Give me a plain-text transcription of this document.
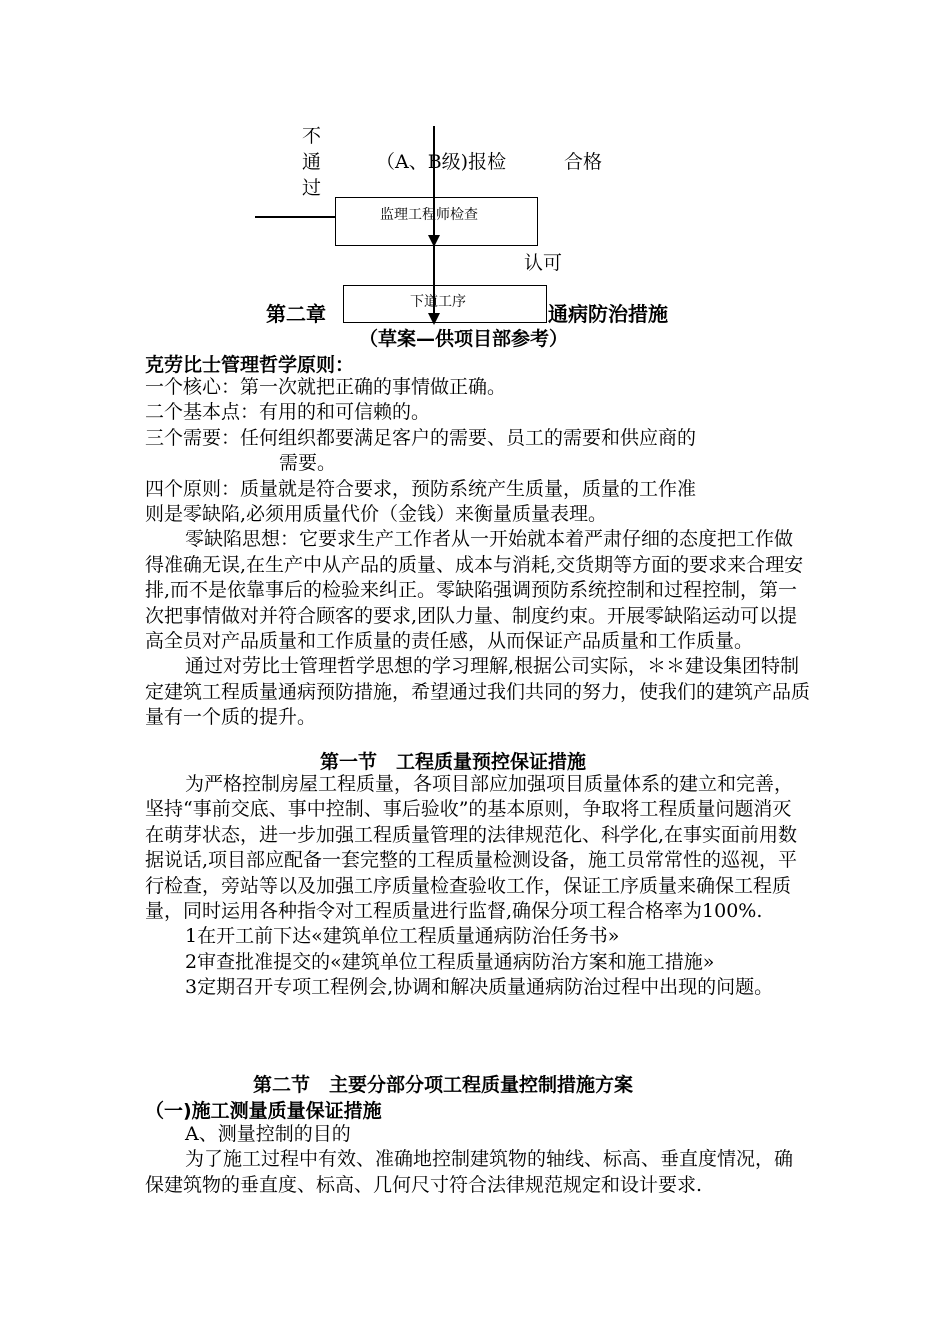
不
通
过
（A、B级)报检	合格
监理工程师检查
认可
下道工序
第二章	通病防治措施
（草案—供项目部参考）
克劳比士管理哲学原则：

一个核心：第一次就把正确的事情做正确。

二个基本点：有用的和可信赖的。

三个需要：任何组织都要满足客户的需要、员工的需要和供应商的

需要。

四个原则：质量就是符合要求，预防系统产生质量，质量的工作准

则是零缺陷,必须用质量代价（金钱）来衡量质量表理。

零缺陷思想：它要求生产工作者从一开始就本着严肃仔细的态度把工作做得准确无误,在生产中从产品的质量、成本与消耗,交货期等方面的要求来合理安排,而不是依靠事后的检验来纠正。零缺陷强调预防系统控制和过程控制，第一次把事情做对并符合顾客的要求,团队力量、制度约束。开展零缺陷运动可以提高全员对产品质量和工作质量的责任感，从而保证产品质量和工作质量。

通过对劳比士管理哲学思想的学习理解,根据公司实际，＊＊建设集团特制定建筑工程质量通病预防措施，希望通过我们共同的努力，使我们的建筑产品质量有一个质的提升。

第一节　工程质量预控保证措施

为严格控制房屋工程质量，各项目部应加强项目质量体系的建立和完善，坚持“事前交底、事中控制、事后验收”的基本原则，争取将工程质量问题消灭在萌芽状态，进一步加强工程质量管理的法律规范化、科学化,在事实面前用数据说话,项目部应配备一套完整的工程质量检测设备，施工员常常性的巡视，平行检查，旁站等以及加强工序质量检查验收工作，保证工序质量来确保工程质量，同时运用各种指令对工程质量进行监督,确保分项工程合格率为100%.

1在开工前下达«建筑单位工程质量通病防治任务书»

2审查批准提交的«建筑单位工程质量通病防治方案和施工措施»

3定期召开专项工程例会,协调和解决质量通病防治过程中出现的问题。

第二节　主要分部分项工程质量控制措施方案
（一)施工测量质量保证措施

A、测量控制的目的

为了施工过程中有效、准确地控制建筑物的轴线、标高、垂直度情况，确保建筑物的垂直度、标高、几何尺寸符合法律规范规定和设计要求.
